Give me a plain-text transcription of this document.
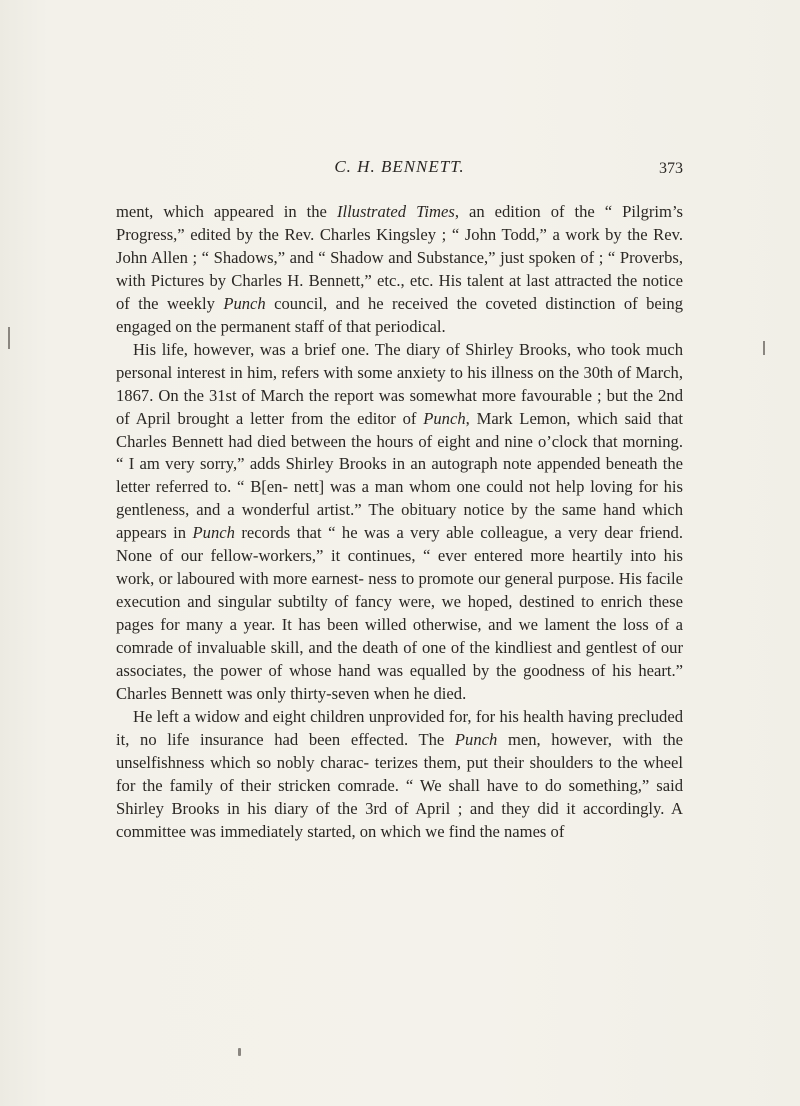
C. H. BENNETT.	373

ment, which appeared in the Illustrated Times, an edition of the “ Pilgrim’s Progress,” edited by the Rev. Charles Kingsley ; “ John Todd,” a work by the Rev. John Allen ; “ Shadows,” and “ Shadow and Substance,” just spoken of ; “ Proverbs, with Pictures by Charles H. Bennett,” etc., etc. His talent at last attracted the notice of the weekly Punch council, and he received the coveted distinction of being engaged on the permanent staff of that periodical.

His life, however, was a brief one. The diary of Shirley Brooks, who took much personal interest in him, refers with some anxiety to his illness on the 30th of March, 1867. On the 31st of March the report was somewhat more favourable ; but the 2nd of April brought a letter from the editor of Punch, Mark Lemon, which said that Charles Bennett had died between the hours of eight and nine o’clock that morning. “ I am very sorry,” adds Shirley Brooks in an autograph note appended beneath the letter referred to. “ B[en- nett] was a man whom one could not help loving for his gentleness, and a wonderful artist.” The obituary notice by the same hand which appears in Punch records that “ he was a very able colleague, a very dear friend. None of our fellow-workers,” it continues, “ ever entered more heartily into his work, or laboured with more earnest- ness to promote our general purpose. His facile execution and singular subtilty of fancy were, we hoped, destined to enrich these pages for many a year. It has been willed otherwise, and we lament the loss of a comrade of invaluable skill, and the death of one of the kindliest and gentlest of our associates, the power of whose hand was equalled by the goodness of his heart.” Charles Bennett was only thirty-seven when he died.

He left a widow and eight children unprovided for, for his health having precluded it, no life insurance had been effected. The Punch men, however, with the unselfishness which so nobly charac- terizes them, put their shoulders to the wheel for the family of their stricken comrade. “ We shall have to do something,” said Shirley Brooks in his diary of the 3rd of April ; and they did it accordingly. A committee was immediately started, on which we find the names of
